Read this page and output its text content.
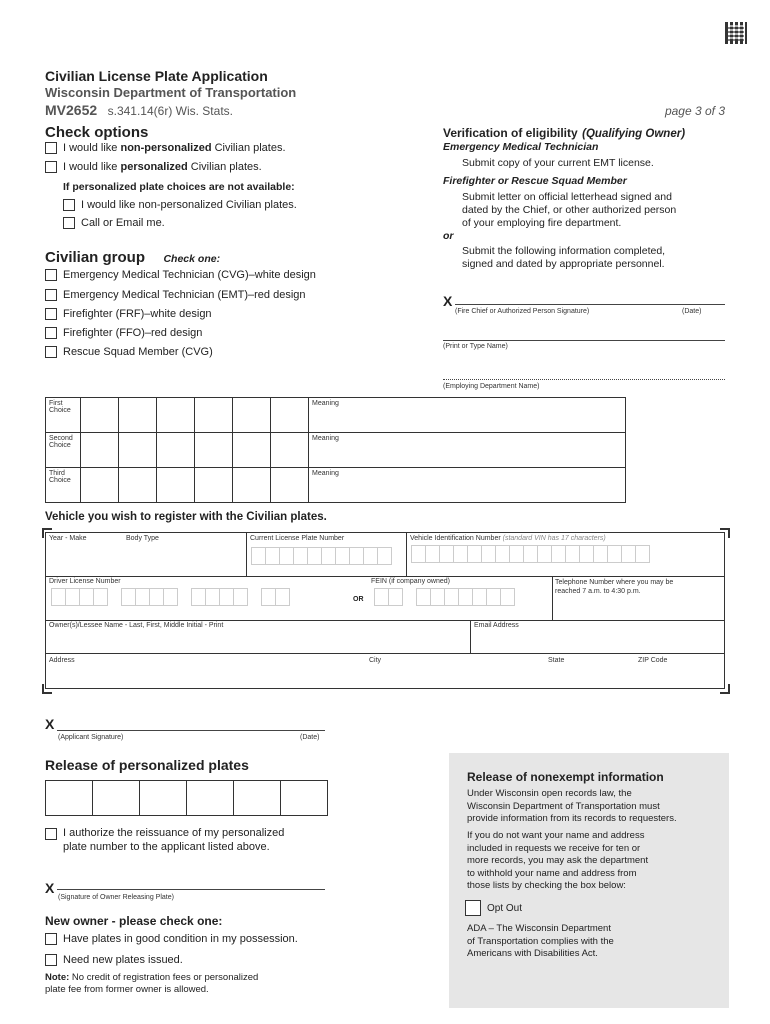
Civilian License Plate Application
Wisconsin Department of Transportation
MV2652 s.341.14(6r) Wis. Stats.	page 3 of 3
Check options
I would like non-personalized Civilian plates.
I would like personalized Civilian plates.
If personalized plate choices are not available:
I would like non-personalized Civilian plates.
Call or Email me.
Civilian group Check one:
Emergency Medical Technician (CVG)–white design
Emergency Medical Technician (EMT)–red design
Firefighter (FRF)–white design
Firefighter (FFO)–red design
Rescue Squad Member (CVG)
Verification of eligibility (Qualifying Owner)
Emergency Medical Technician
Submit copy of your current EMT license.
Firefighter or Rescue Squad Member
Submit letter on official letterhead signed and
dated by the Chief, or other authorized person
of your employing fire department.
or
Submit the following information completed,
signed and dated by appropriate personnel.
X
(Fire Chief or Authorized Person Signature)	(Date)
(Print or Type Name)
(Employing Department Name)
First
Choice							Meaning

Second
Choice							Meaning

Third
Choice							Meaning
Vehicle you wish to register with the Civilian plates.
Year - Make	Body Type	Current License Plate Number	Vehicle Identification Number (standard VIN has 17 characters)
Driver License Number	FEIN (if company owned)
OR
Telephone Number where you may be
reached 7 a.m. to 4:30 p.m.
Owner(s)/Lessee Name - Last, First, Middle Initial - Print	Email Address
Address	City	State	ZIP Code
X
(Applicant Signature)	(Date)
Release of personalized plates
I authorize the reissuance of my personalized
plate number to the applicant listed above.
X
(Signature of Owner Releasing Plate)
New owner - please check one:
Have plates in good condition in my possession.
Need new plates issued.
Note: No credit of registration fees or personalized
plate fee from former owner is allowed.
Release of nonexempt information
Under Wisconsin open records law, the
Wisconsin Department of Transportation must
provide information from its records to requesters.
If you do not want your name and address
included in requests we receive for ten or
more records, you may ask the department
to withhold your name and address from
those lists by checking the box below:
Opt Out
ADA – The Wisconsin Department
of Transportation complies with the
Americans with Disabilities Act.
